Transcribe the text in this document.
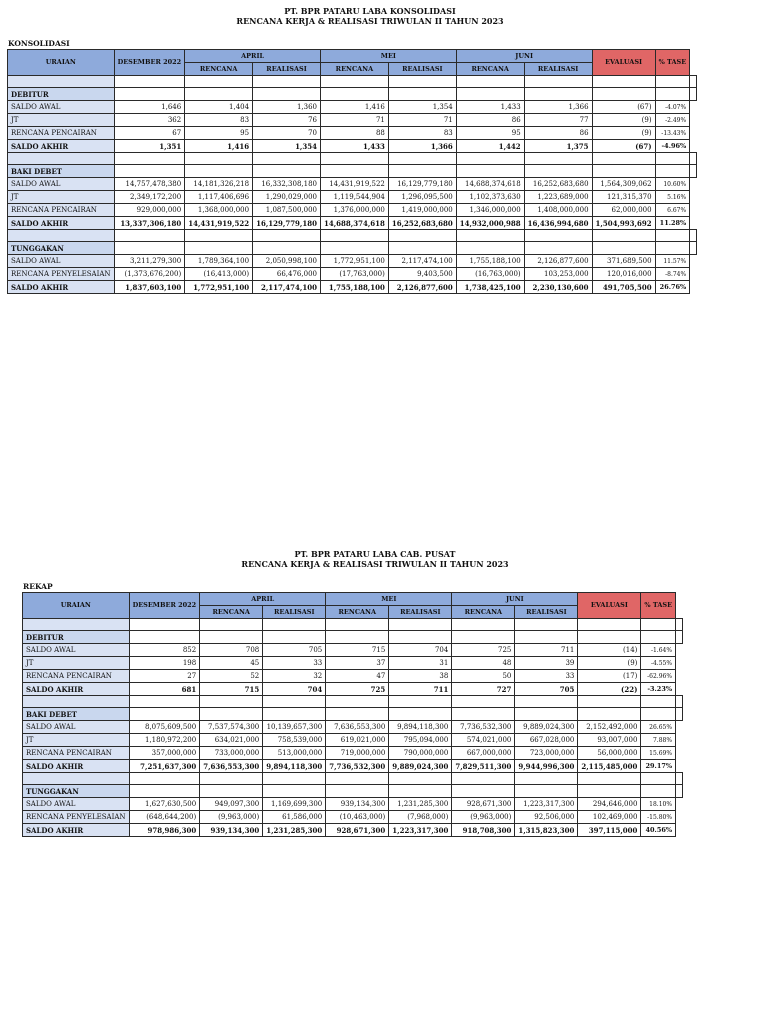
PT. BPR PATARU LABA KONSOLIDASI
RENCANA KERJA & REALISASI TRIWULAN II TAHUN 2023
KONSOLIDASI
URAIAN	DESEMBER 2022	APRIL		MEI		JUNI		EVALUASI	% TASE	
		RENCANA	REALISASI	RENCANA	REALISASI	RENCANA	REALISASI			

DEBITUR										
SALDO AWAL	1,646	1,404	1,360	1,416	1,354	1,433	1,366	(67)	-4.07%	
JT	362	83	76	71	71	86	77	(9)	-2.49%	
RENCANA PENCAIRAN	67	95	70	88	83	95	86	(9)	-13.43%	
SALDO AKHIR	1,351	1,416	1,354	1,433	1,366	1,442	1,375	(67)	-4.96%	

BAKI DEBET										
SALDO AWAL	14,757,478,380	14,181,326,218	16,332,308,180	14,431,919,522	16,129,779,180	14,688,374,618	16,252,683,680	1,564,309,062	10.60%	
JT	2,349,172,200	1,117,406,696	1,290,029,000	1,119,544,904	1,296,095,500	1,102,373,630	1,223,689,000	121,315,370	5.16%	
RENCANA PENCAIRAN	929,000,000	1,368,000,000	1,087,500,000	1,376,000,000	1,419,000,000	1,346,000,000	1,408,000,000	62,000,000	6.67%	
SALDO AKHIR	13,337,306,180	14,431,919,522	16,129,779,180	14,688,374,618	16,252,683,680	14,932,000,988	16,436,994,680	1,504,993,692	11.28%	

TUNGGAKAN										
SALDO AWAL	3,211,279,300	1,789,364,100	2,050,998,100	1,772,951,100	2,117,474,100	1,755,188,100	2,126,877,600	371,689,500	11.57%	
RENCANA PENYELESAIAN	(1,373,676,200)	(16,413,000)	66,476,000	(17,763,000)	9,403,500	(16,763,000)	103,253,000	120,016,000	-8.74%	
SALDO AKHIR	1,837,603,100	1,772,951,100	2,117,474,100	1,755,188,100	2,126,877,600	1,738,425,100	2,230,130,600	491,705,500	26.76%	
PT. BPR PATARU LABA CAB. PUSAT
RENCANA KERJA & REALISASI TRIWULAN II TAHUN 2023
REKAP
URAIAN	DESEMBER 2022	APRIL		MEI		JUNI		EVALUASI	% TASE	
		RENCANA	REALISASI	RENCANA	REALISASI	RENCANA	REALISASI			

DEBITUR										
SALDO AWAL	852	708	705	715	704	725	711	(14)	-1.64%	
JT	198	45	33	37	31	48	39	(9)	-4.55%	
RENCANA PENCAIRAN	27	52	32	47	38	50	33	(17)	-62.96%	
SALDO AKHIR	681	715	704	725	711	727	705	(22)	-3.23%	

BAKI DEBET										
SALDO AWAL	8,075,609,500	7,537,574,300	10,139,657,300	7,636,553,300	9,894,118,300	7,736,532,300	9,889,024,300	2,152,492,000	26.65%	
JT	1,180,972,200	634,021,000	758,539,000	619,021,000	795,094,000	574,021,000	667,028,000	93,007,000	7.88%	
RENCANA PENCAIRAN	357,000,000	733,000,000	513,000,000	719,000,000	790,000,000	667,000,000	723,000,000	56,000,000	15.69%	
SALDO AKHIR	7,251,637,300	7,636,553,300	9,894,118,300	7,736,532,300	9,889,024,300	7,829,511,300	9,944,996,300	2,115,485,000	29.17%	

TUNGGAKAN										
SALDO AWAL	1,627,630,500	949,097,300	1,169,699,300	939,134,300	1,231,285,300	928,671,300	1,223,317,300	294,646,000	18.10%	
RENCANA PENYELESAIAN	(648,644,200)	(9,963,000)	61,586,000	(10,463,000)	(7,968,000)	(9,963,000)	92,506,000	102,469,000	-15.80%	
SALDO AKHIR	978,986,300	939,134,300	1,231,285,300	928,671,300	1,223,317,300	918,708,300	1,315,823,300	397,115,000	40.56%	
